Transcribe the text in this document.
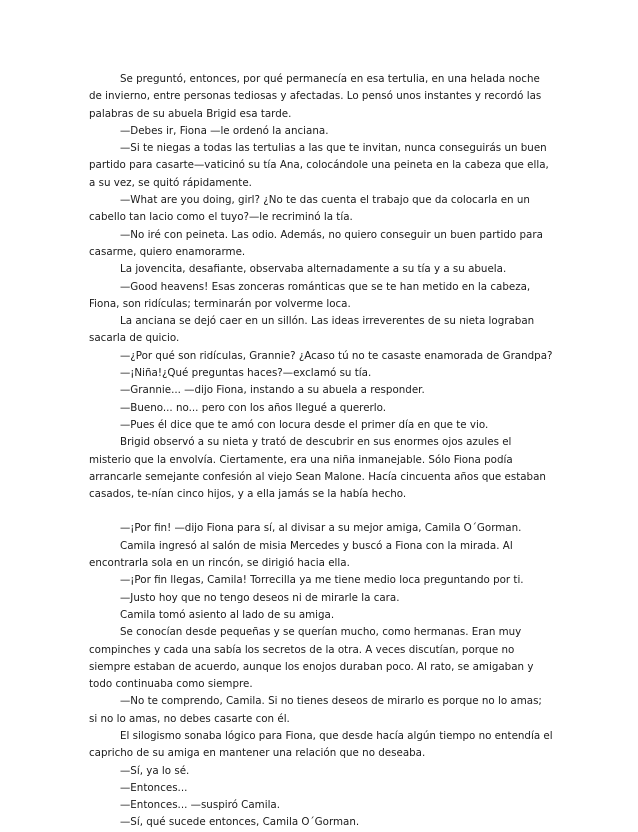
Se preguntó, entonces, por qué permanecía en esa tertulia, en una helada noche de invierno, entre personas tediosas y afectadas. Lo pensó unos instantes y recordó las palabras de su abuela Brigid esa tarde.

—Debes ir, Fiona —le ordenó la anciana.

—Si te niegas a todas las tertulias a las que te invitan, nunca conseguirás un buen partido para casarte—vaticinó su tía Ana, colocándole una peineta en la cabeza que ella, a su vez, se quitó rápidamente.

—What are you doing, girl? ¿No te das cuenta el trabajo que da colocarla en un cabello tan lacio como el tuyo?—le recriminó la tía.

—No iré con peineta. Las odio. Además, no quiero conseguir un buen partido para casarme, quiero enamorarme.

La jovencita, desafiante, observaba alternadamente a su tía y a su abuela.

—Good heavens! Esas zonceras románticas que se te han metido en la cabeza, Fiona, son ridículas; terminarán por volverme loca.

La anciana se dejó caer en un sillón. Las ideas irreverentes de su nieta lograban sacarla de quicio.

—¿Por qué son ridículas, Grannie? ¿Acaso tú no te casaste enamorada de Grandpa?

—¡Niña!¿Qué preguntas haces?—exclamó su tía.

—Grannie... —dijo Fiona, instando a su abuela a responder.

—Bueno... no... pero con los años llegué a quererlo.

—Pues él dice que te amó con locura desde el primer día en que te vio.

Brigid observó a su nieta y trató de descubrir en sus enormes ojos azules el misterio que la envolvía. Ciertamente, era una niña inmanejable. Sólo Fiona podía arrancarle semejante confesión al viejo Sean Malone. Hacía cincuenta años que estaban casados, te-nían cinco hijos, y a ella jamás se la había hecho.

—¡Por fin! —dijo Fiona para sí, al divisar a su mejor amiga, Camila O´Gorman.

Camila ingresó al salón de misia Mercedes y buscó a Fiona con la mirada. Al encontrarla sola en un rincón, se dirigió hacia ella.

—¡Por fin llegas, Camila! Torrecilla ya me tiene medio loca preguntando por ti.

—Justo hoy que no tengo deseos ni de mirarle la cara.

Camila tomó asiento al lado de su amiga.

Se conocían desde pequeñas y se querían mucho, como hermanas. Eran muy compinches y cada una sabía los secretos de la otra. A veces discutían, porque no siempre estaban de acuerdo, aunque los enojos duraban poco. Al rato, se amigaban y todo continuaba como siempre.

—No te comprendo, Camila. Si no tienes deseos de mirarlo es porque no lo amas; si no lo amas, no debes casarte con él.

El silogismo sonaba lógico para Fiona, que desde hacía algún tiempo no entendía el capricho de su amiga en mantener una relación que no deseaba.

—Sí, ya lo sé.

—Entonces...

—Entonces... —suspiró Camila.

—Sí, qué sucede entonces, Camila O´Gorman.
